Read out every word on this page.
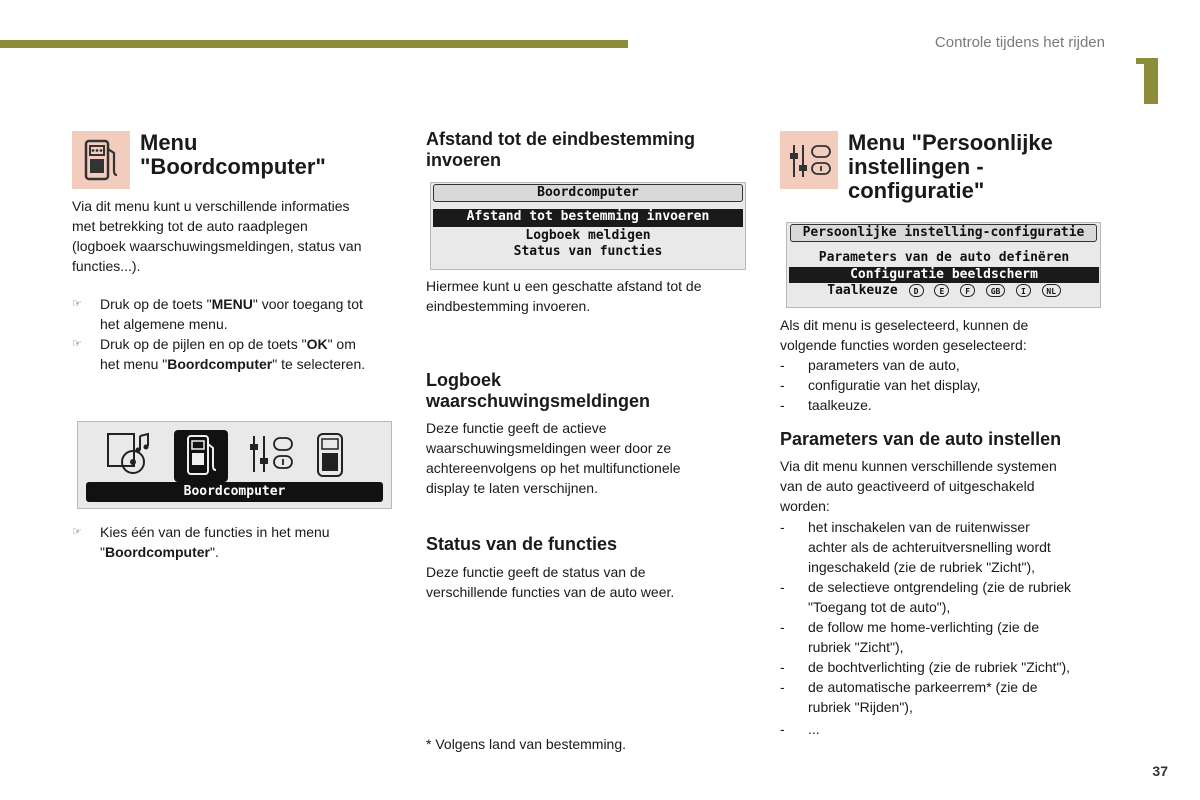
Controle tijdens het rijden
Menu
"Boordcomputer"
Via dit menu kunt u verschillende informaties
met betrekking tot de auto raadplegen
(logboek waarschuwingsmeldingen, status van
functies...).
☞ Druk op de toets "MENU" voor toegang tot
het algemene menu.
☞ Druk op de pijlen en op de toets "OK" om
het menu "Boordcomputer" te selecteren.
Boordcomputer
☞ Kies één van de functies in het menu
"Boordcomputer".
Afstand tot de eindbestemming
invoeren
Boordcomputer
Afstand tot bestemming invoeren
Logboek meldigen
Status van functies
Hiermee kunt u een geschatte afstand tot de
eindbestemming invoeren.
Logboek
waarschuwingsmeldingen
Deze functie geeft de actieve
waarschuwingsmeldingen weer door ze
achtereenvolgens op het multifunctionele
display te laten verschijnen.
Status van de functies
Deze functie geeft de status van de
verschillende functies van de auto weer.
* Volgens land van bestemming.
Menu "Persoonlijke
instellingen -
configuratie"
Persoonlijke instelling-configuratie
Parameters van de auto definëren
Configuratie beeldscherm
Taalkeuze D	E	F	GB	I	NL
Als dit menu is geselecteerd, kunnen de
volgende functies worden geselecteerd:
- parameters van de auto,
- configuratie van het display,
- taalkeuze.
Parameters van de auto instellen
Via dit menu kunnen verschillende systemen
van de auto geactiveerd of uitgeschakeld
worden:
- het inschakelen van de ruitenwisser
achter als de achteruitversnelling wordt
ingeschakeld (zie de rubriek "Zicht"),
- de selectieve ontgrendeling (zie de rubriek
"Toegang tot de auto"),
- de follow me home-verlichting (zie de
rubriek "Zicht"),
- de bochtverlichting (zie de rubriek "Zicht"),
- de automatische parkeerrem* (zie de
rubriek "Rijden"),
- ...
37
